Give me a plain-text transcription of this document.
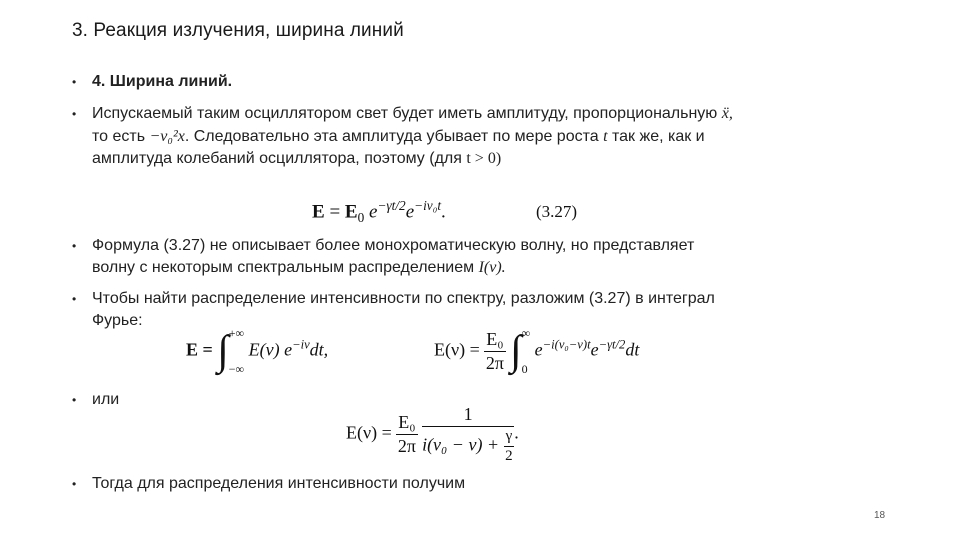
3. Реакция излучения, ширина линий
• 4. Ширина линий.
• Испускаемый таким осциллятором свет будет иметь амплитуду, пропорциональную ẍ,
то есть −ν₀²x. Следовательно эта амплитуда убывает по мере роста t так же, как и
амплитуда колебаний осциллятора, поэтому (для t > 0)
$E = E_0$ $e^{-\gamma t/2}e^{-i\nu_0t}$.	(3.27)
• Формула (3.27) не описывает более монохроматическую волну, но представляет
волну с некоторым спектральным распределением I(ν).
• Чтобы найти распределение интенсивности по спектру, разложим (3.27) в интеграл
Фурье:
E = ∫ +∞
−∞
E(ν) $e^{-i\nu}dt$,	$E(\nu) = \frac{\text{E₀}}{2\pi}$ ∫ ∞
0
$e^{-i(\nu_0-\nu)t}e^{-\gamma t/2}dt$
• или
$E(\nu) = \frac{\text{E₀}}{2\pi}$
$\frac{1}{i(\nu_0 - \nu) + \frac{\gamma}{2}}$ .
• Тогда для распределения интенсивности получим
18
